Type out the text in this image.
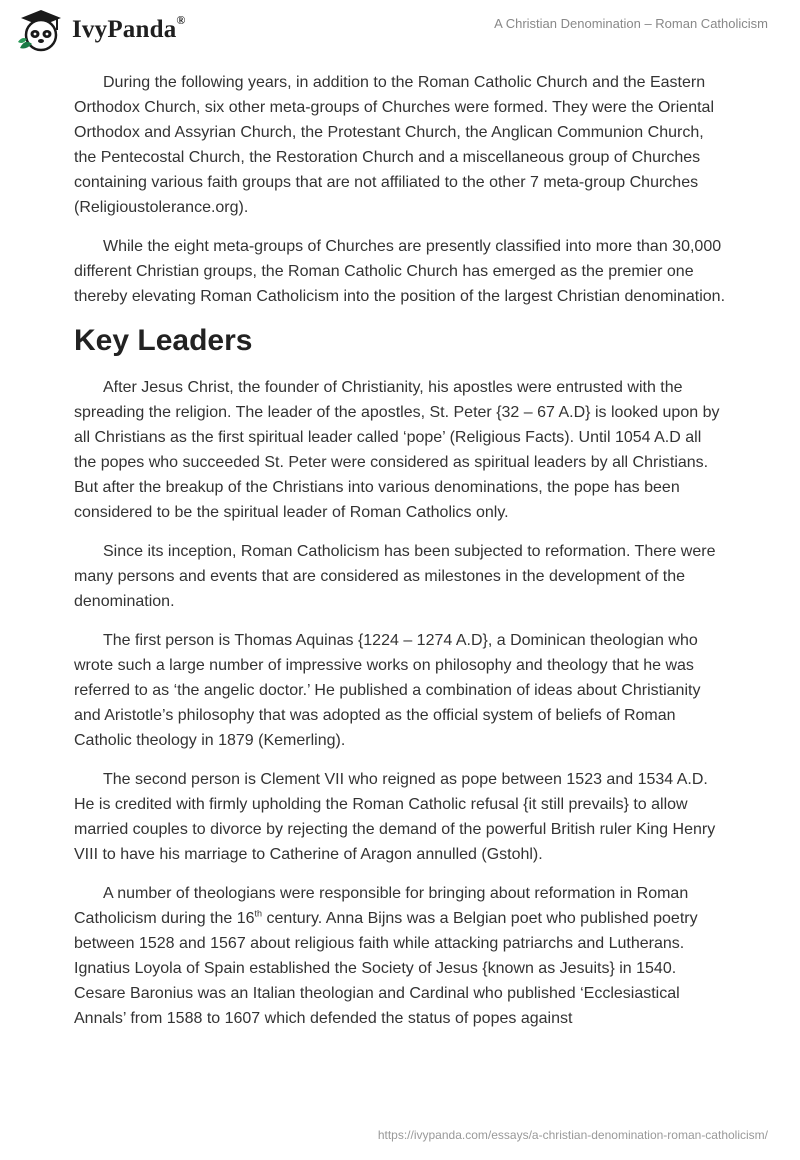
IvyPanda®	A Christian Denomination – Roman Catholicism

During the following years, in addition to the Roman Catholic Church and the Eastern Orthodox Church, six other meta-groups of Churches were formed. They were the Oriental Orthodox and Assyrian Church, the Protestant Church, the Anglican Communion Church, the Pentecostal Church, the Restoration Church and a miscellaneous group of Churches containing various faith groups that are not affiliated to the other 7 meta-group Churches (Religioustolerance.org).

While the eight meta-groups of Churches are presently classified into more than 30,000 different Christian groups, the Roman Catholic Church has emerged as the premier one thereby elevating Roman Catholicism into the position of the largest Christian denomination.

Key Leaders

After Jesus Christ, the founder of Christianity, his apostles were entrusted with the spreading the religion. The leader of the apostles, St. Peter {32 – 67 A.D} is looked upon by all Christians as the first spiritual leader called ‘pope’ (Religious Facts). Until 1054 A.D all the popes who succeeded St. Peter were considered as spiritual leaders by all Christians. But after the breakup of the Christians into various denominations, the pope has been considered to be the spiritual leader of Roman Catholics only.

Since its inception, Roman Catholicism has been subjected to reformation. There were many persons and events that are considered as milestones in the development of the denomination.

The first person is Thomas Aquinas {1224 – 1274 A.D}, a Dominican theologian who wrote such a large number of impressive works on philosophy and theology that he was referred to as ‘the angelic doctor.’ He published a combination of ideas about Christianity and Aristotle’s philosophy that was adopted as the official system of beliefs of Roman Catholic theology in 1879 (Kemerling).

The second person is Clement VII who reigned as pope between 1523 and 1534 A.D. He is credited with firmly upholding the Roman Catholic refusal {it still prevails} to allow married couples to divorce by rejecting the demand of the powerful British ruler King Henry VIII to have his marriage to Catherine of Aragon annulled (Gstohl).

A number of theologians were responsible for bringing about reformation in Roman Catholicism during the 16th century. Anna Bijns was a Belgian poet who published poetry between 1528 and 1567 about religious faith while attacking patriarchs and Lutherans. Ignatius Loyola of Spain established the Society of Jesus {known as Jesuits} in 1540. Cesare Baronius was an Italian theologian and Cardinal who published ‘Ecclesiastical Annals’ from 1588 to 1607 which defended the status of popes against

https://ivypanda.com/essays/a-christian-denomination-roman-catholicism/
